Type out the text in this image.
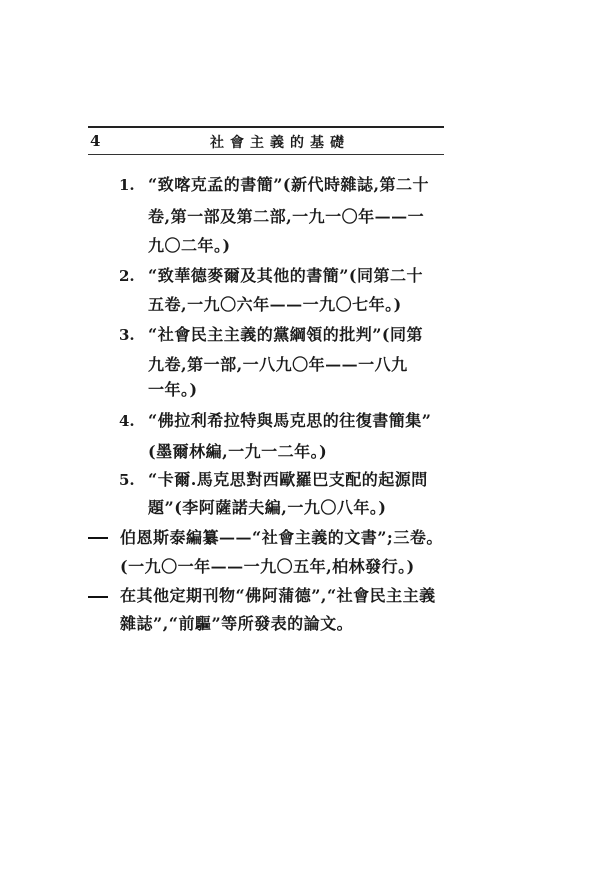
4	社會主義的基礎
1. “致喀克孟的書簡”(新代時雜誌,第二十
卷,第一部及第二部,一九一〇年——一
九〇二年。)
2. “致華德麥爾及其他的書簡”(同第二十
五卷,一九〇六年——一九〇七年。)
3. “社會民主主義的黨綱領的批判”(同第
九卷,第一部,一八九〇年——一八九
一年。)
4. “佛拉利希拉特與馬克思的往復書簡集”
(墨爾林編,一九一二年。)
5. “卡爾.馬克思對西歐羅巴支配的起源問
題”(李阿薩諾夫編,一九〇八年。)
伯恩斯泰編纂——“社會主義的文書”;三卷。
(一九〇一年——一九〇五年,柏林發行。)
在其他定期刊物“佛阿蒲德”,“社會民主主義
雜誌”,“前驅”等所發表的論文。
